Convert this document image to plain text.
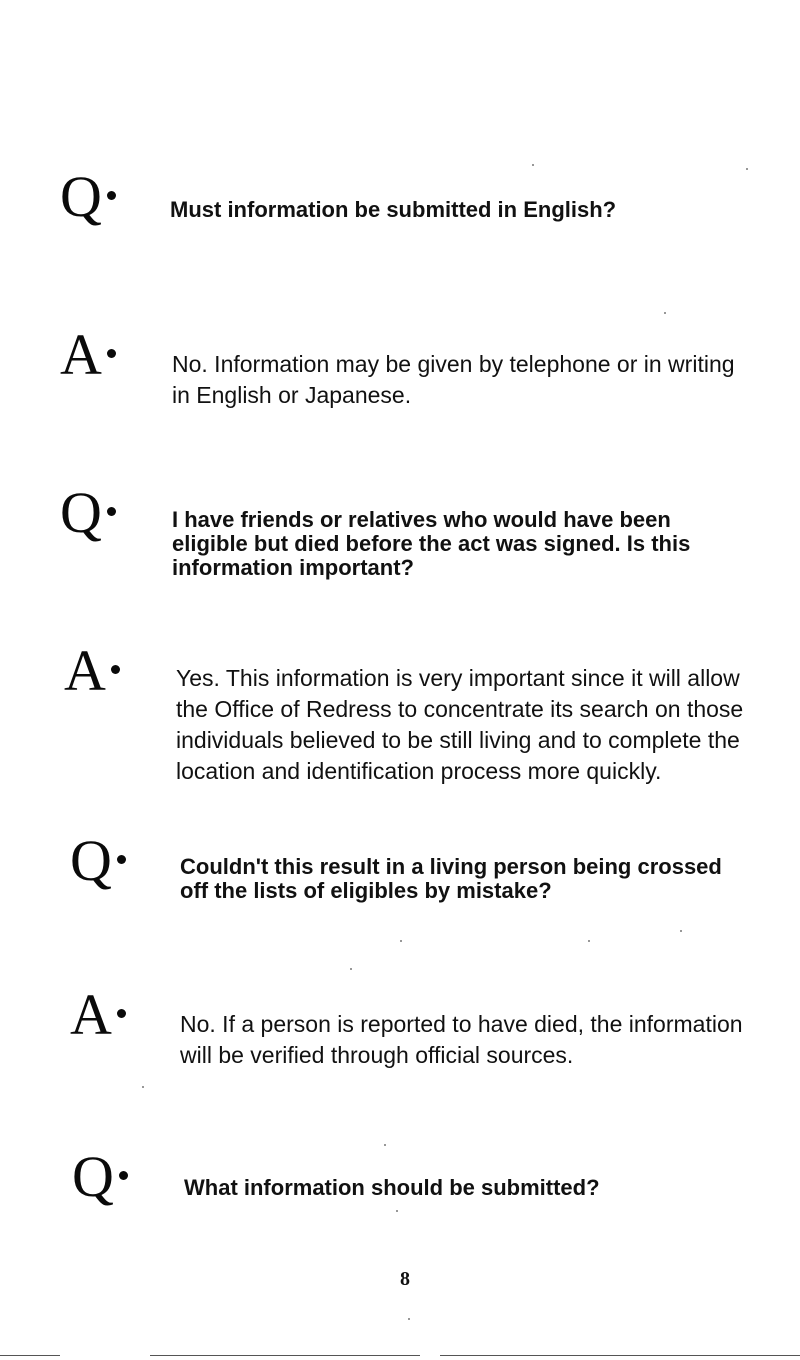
Q	Must information be submitted in English?
A	No. Information may be given by telephone or in writing in English or Japanese.
Q	I have friends or relatives who would have been eligible but died before the act was signed. Is this information important?
A	Yes. This information is very important since it will allow the Office of Redress to concentrate its search on those individuals believed to be still living and to complete the location and identification process more quickly.
Q	Couldn't this result in a living person being crossed off the lists of eligibles by mistake?
A	No. If a person is reported to have died, the information will be verified through official sources.
Q	What information should be submitted?
8
